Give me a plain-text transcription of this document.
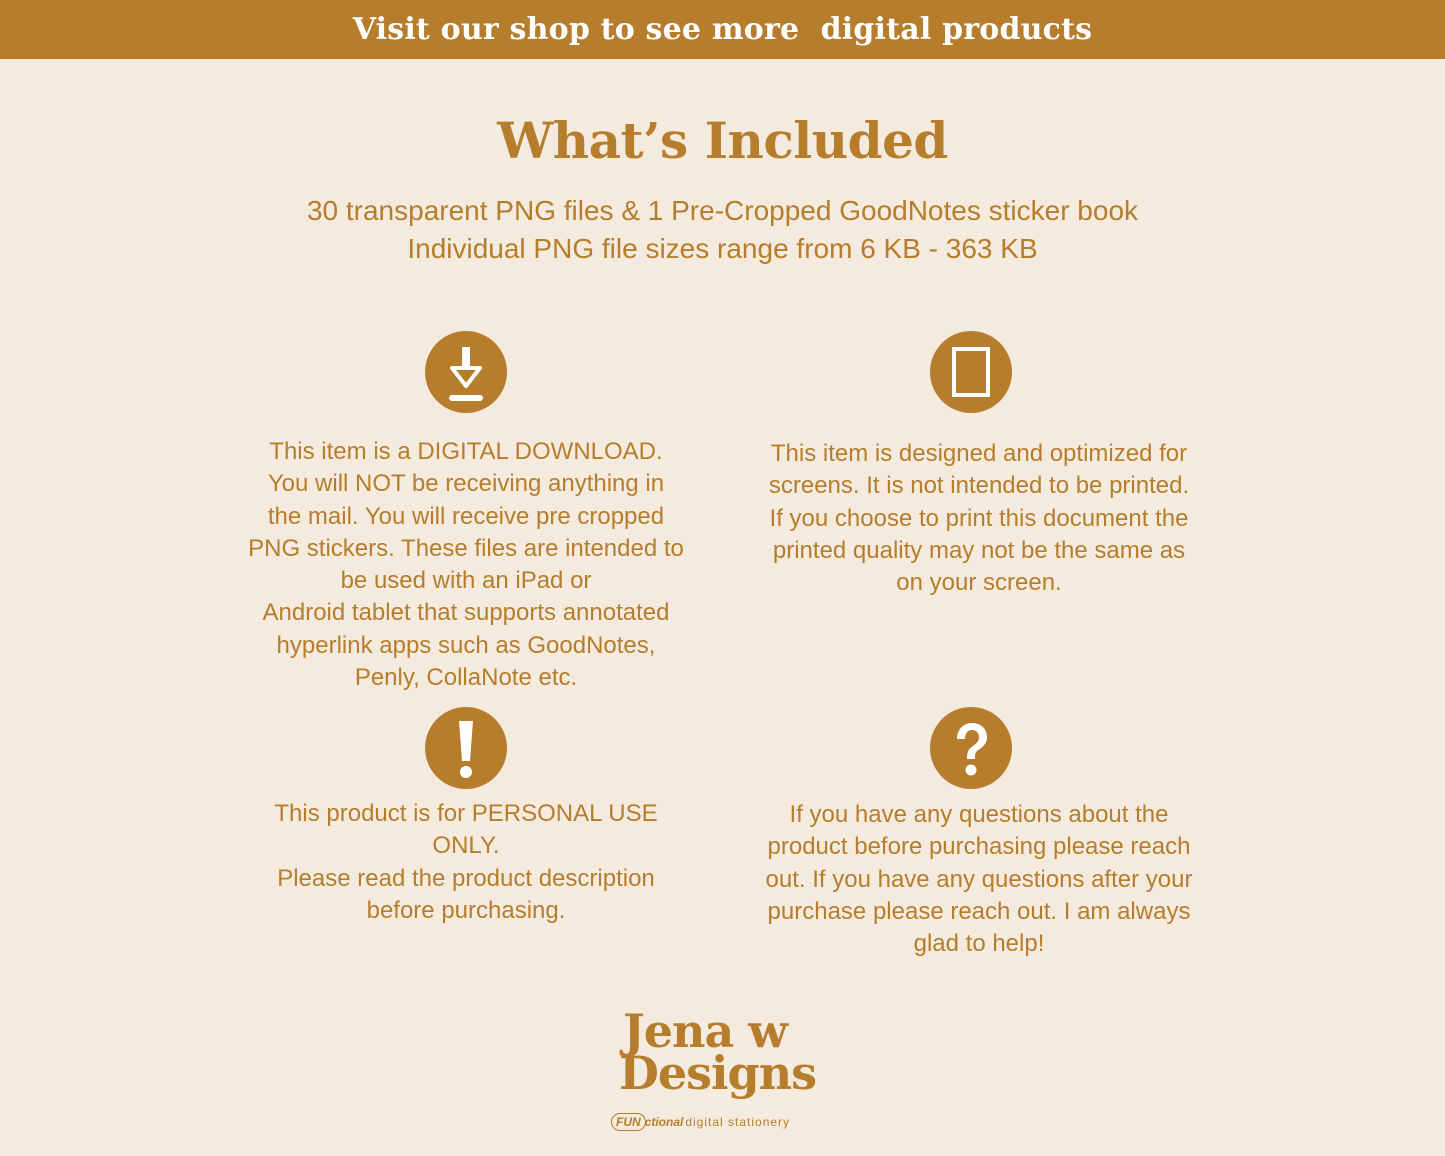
Visit our shop to see more  digital products
What’s Included
30 transparent PNG files & 1 Pre-Cropped GoodNotes sticker book
Individual PNG file sizes range from 6 KB - 363 KB
This item is a DIGITAL DOWNLOAD.
You will NOT be receiving anything in
the mail. You will receive pre cropped
PNG stickers. These files are intended to
be used with an iPad or
Android tablet that supports annotated
hyperlink apps such as GoodNotes,
Penly, CollaNote etc.
This item is designed and optimized for
screens. It is not intended to be printed.
If you choose to print this document the
printed quality may not be the same as
on your screen.
This product is for PERSONAL USE
ONLY.
Please read the product description
before purchasing.
If you have any questions about the
product before purchasing please reach
out. If you have any questions after your
purchase please reach out. I am always
glad to help!
Jena w
Designs
FUN ctional digital stationery
